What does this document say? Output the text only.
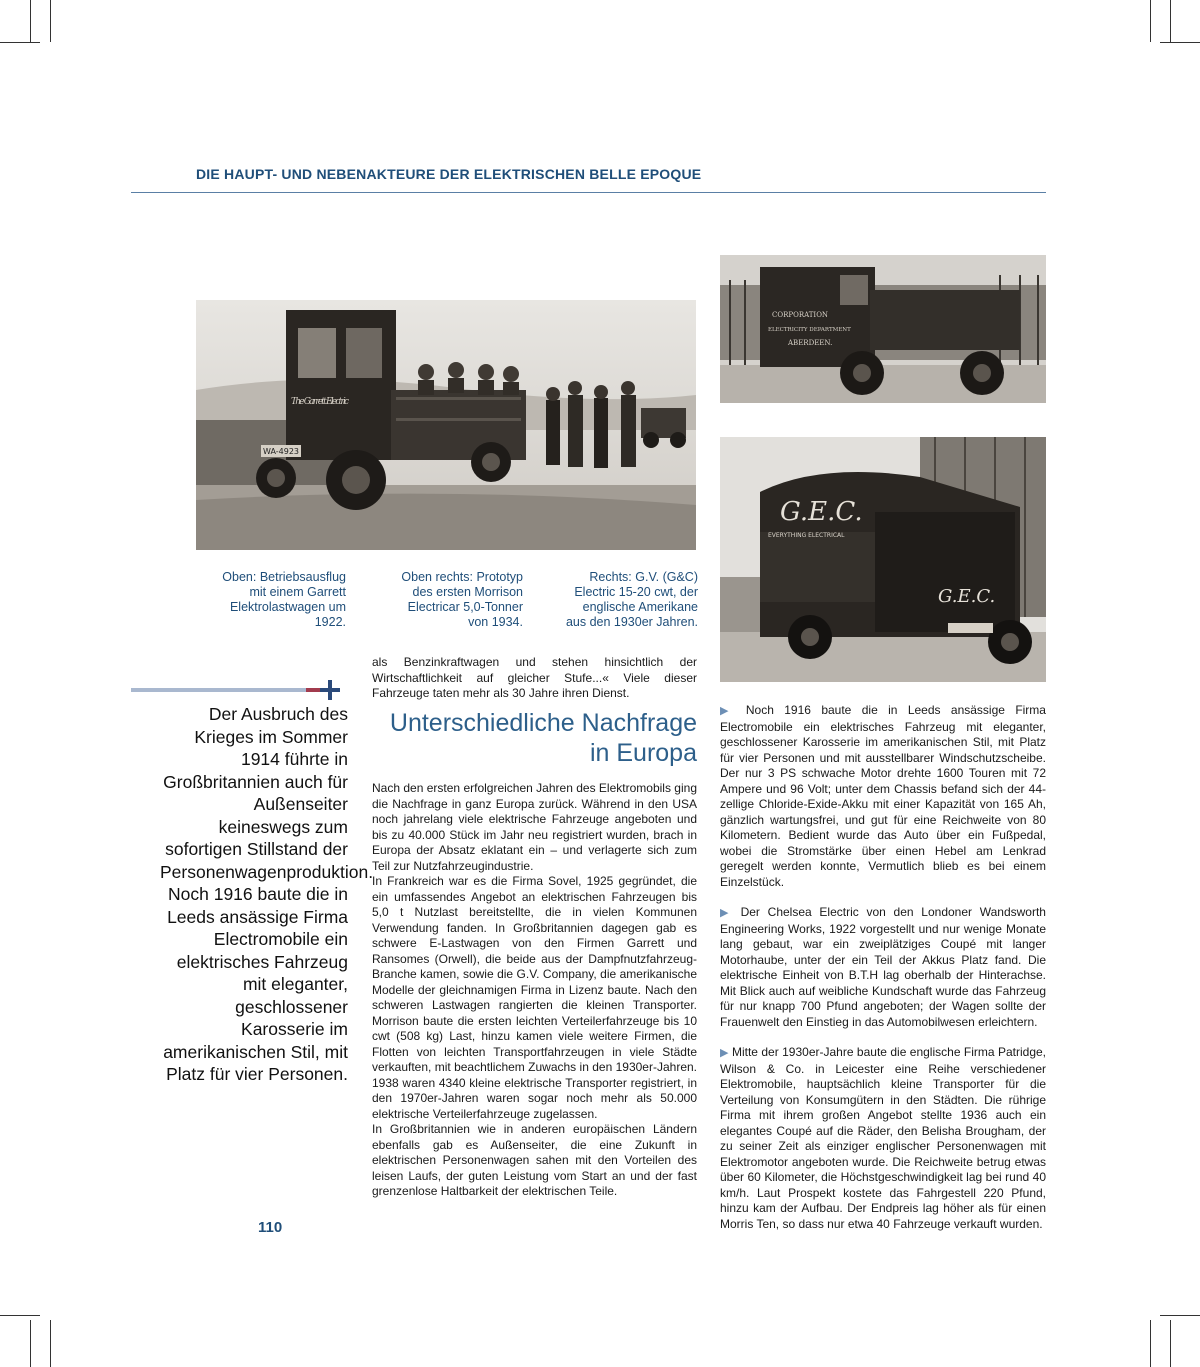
DIE HAUPT- UND NEBENAKTEURE DER ELEKTRISCHEN BELLE EPOQUE
The Garrett Electric
WA-4923
CORPORATION
ELECTRICITY DEPARTMENT
ABERDEEN.
G.E.C.
EVERYTHING ELECTRICAL
G.E.C.
Oben: Betriebsausflug mit einem Garrett Elektrolastwagen um 1922.
Oben rechts: Prototyp des ersten Morrison Electricar 5,0-Tonner von 1934.
Rechts: G.V. (G&C) Electric 15-20 cwt, der englische Amerikane aus den 1930er Jahren.
Der Ausbruch des Krieges im Sommer 1914 führte in Großbritannien auch für Außenseiter keineswegs zum sofortigen Stillstand der Personenwagenproduktion. Noch 1916 baute die in Leeds ansässige Firma Electromobile ein elektrisches Fahrzeug mit eleganter, geschlossener Karosserie im amerikanischen Stil, mit Platz für vier Personen.
als Benzinkraftwagen und stehen hinsichtlich der Wirtschaftlichkeit auf gleicher Stufe...« Viele dieser Fahrzeuge taten mehr als 30 Jahre ihren Dienst.
Unterschiedliche Nachfrage in Europa

Nach den ersten erfolgreichen Jahren des Elektromobils ging die Nachfrage in ganz Europa zurück. Während in den USA noch jahrelang viele elektrische Fahrzeuge angeboten und bis zu 40.000 Stück im Jahr neu registriert wurden, brach in Europa der Absatz eklatant ein – und verlagerte sich zum Teil zur Nutzfahrzeugindustrie.

In Frankreich war es die Firma Sovel, 1925 gegründet, die ein umfassendes Angebot an elektrischen Fahrzeugen bis 5,0 t Nutzlast bereitstellte, die in vielen Kommunen Verwendung fanden. In Großbritannien dagegen gab es schwere E-Lastwagen von den Firmen Garrett und Ransomes (Orwell), die beide aus der Dampfnutzfahrzeug-Branche kamen, sowie die G.V. Company, die amerikanische Modelle der gleichnamigen Firma in Lizenz baute. Nach den schweren Lastwagen rangierten die kleinen Transporter. Morrison baute die ersten leichten Verteilerfahrzeuge bis 10 cwt (508 kg) Last, hinzu kamen viele weitere Firmen, die Flotten von leichten Transportfahrzeugen in viele Städte verkauften, mit beachtlichem Zuwachs in den 1930er-Jahren. 1938 waren 4340 kleine elektrische Transporter registriert, in den 1970er-Jahren waren sogar noch mehr als 50.000 elektrische Verteilerfahrzeuge zugelassen.

In Großbritannien wie in anderen europäischen Ländern ebenfalls gab es Außenseiter, die eine Zukunft in elektrischen Personenwagen sahen mit den Vorteilen des leisen Laufs, der guten Leistung vom Start an und der fast grenzenlose Haltbarkeit der elektrischen Teile.

▶ Noch 1916 baute die in Leeds ansässige Firma Electromobile ein elektrisches Fahrzeug mit eleganter, geschlossener Karosserie im amerikanischen Stil, mit Platz für vier Personen und mit ausstellbarer Windschutzscheibe. Der nur 3 PS schwache Motor drehte 1600 Touren mit 72 Ampere und 96 Volt; unter dem Chassis befand sich der 44-zellige Chloride-Exide-Akku mit einer Kapazität von 165 Ah, gänzlich wartungsfrei, und gut für eine Reichweite von 80 Kilometern. Bedient wurde das Auto über ein Fußpedal, wobei die Stromstärke über einen Hebel am Lenkrad geregelt werden konnte, Vermutlich blieb es bei einem Einzelstück.

▶ Der Chelsea Electric von den Londoner Wandsworth Engineering Works, 1922 vorgestellt und nur wenige Monate lang gebaut, war ein zweiplätziges Coupé mit langer Motorhaube, unter der ein Teil der Akkus Platz fand. Die elektrische Einheit von B.T.H lag oberhalb der Hinterachse. Mit Blick auch auf weibliche Kundschaft wurde das Fahrzeug für nur knapp 700 Pfund angeboten; der Wagen sollte der Frauenwelt den Einstieg in das Automobilwesen erleichtern.

▶ Mitte der 1930er-Jahre baute die englische Firma Patridge, Wilson & Co. in Leicester eine Reihe verschiedener Elektromobile, hauptsächlich kleine Transporter für die Verteilung von Konsumgütern in den Städten. Die rührige Firma mit ihrem großen Angebot stellte 1936 auch ein elegantes Coupé auf die Räder, den Belisha Brougham, der zu seiner Zeit als einziger englischer Personenwagen mit Elektromotor angeboten wurde. Die Reichweite betrug etwas über 60 Kilometer, die Höchstgeschwindigkeit lag bei rund 40 km/h. Laut Prospekt kostete das Fahrgestell 220 Pfund, hinzu kam der Aufbau. Der Endpreis lag höher als für einen Morris Ten, so dass nur etwa 40 Fahrzeuge verkauft wurden.

110
